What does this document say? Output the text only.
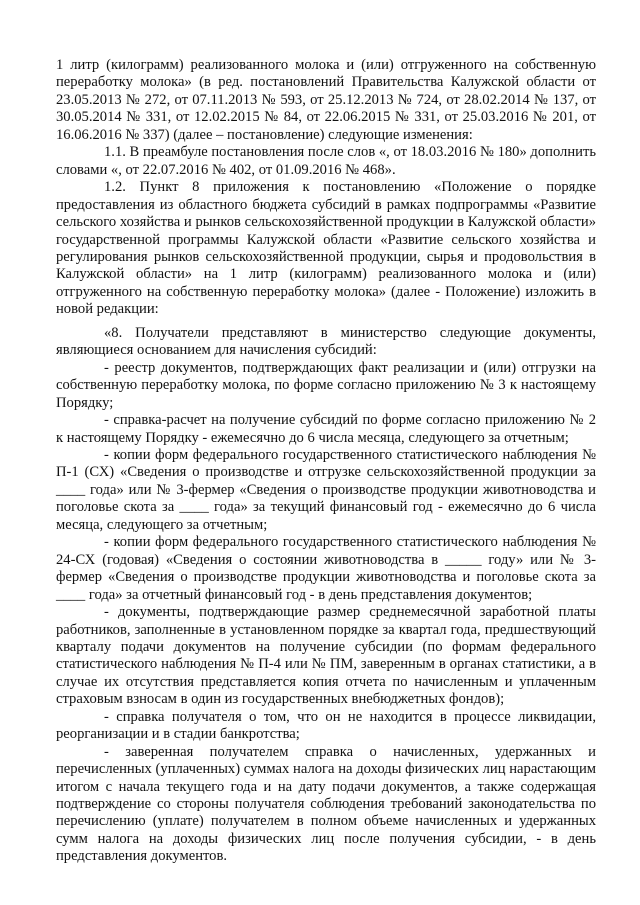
1 литр (килограмм) реализованного молока и (или) отгруженного на собственную переработку молока» (в ред. постановлений Правительства Калужской области от 23.05.2013 № 272, от 07.11.2013 № 593, от 25.12.2013 № 724, от 28.02.2014 № 137, от 30.05.2014 № 331, от 12.02.2015 № 84, от 22.06.2015 № 331, от 25.03.2016 № 201, от 16.06.2016 № 337) (далее – постановление) следующие изменения:

1.1. В преамбуле постановления после слов «, от 18.03.2016 № 180» дополнить словами «, от 22.07.2016 № 402, от 01.09.2016 № 468».

1.2. Пункт 8 приложения к постановлению «Положение о порядке предоставления из областного бюджета субсидий в рамках подпрограммы «Развитие сельского хозяйства и рынков сельскохозяйственной продукции в Калужской области» государственной программы Калужской области «Развитие сельского хозяйства и регулирования рынков сельскохозяйственной продукции, сырья и продовольствия в Калужской области» на 1 литр (килограмм) реализованного молока и (или) отгруженного на собственную переработку молока» (далее - Положение) изложить в новой редакции:

«8. Получатели представляют в министерство следующие документы, являющиеся основанием для начисления субсидий:

- реестр документов, подтверждающих факт реализации и (или) отгрузки на собственную переработку молока, по форме согласно приложению № 3 к настоящему Порядку;

- справка-расчет на получение субсидий по форме согласно приложению № 2 к настоящему Порядку - ежемесячно до 6 числа месяца, следующего за отчетным;

- копии форм федерального государственного статистического наблюдения № П-1 (СХ) «Сведения о производстве и отгрузке сельскохозяйственной продукции за ____ года» или № 3-фермер «Сведения о производстве продукции животноводства и поголовье скота за ____ года» за текущий финансовый год - ежемесячно до 6 числа месяца, следующего за отчетным;

- копии форм федерального государственного статистического наблюдения № 24-СХ (годовая) «Сведения о состоянии животноводства в _____ году» или № 3-фермер «Сведения о производстве продукции животноводства и поголовье скота за ____ года» за отчетный финансовый год - в день представления документов;

- документы, подтверждающие размер среднемесячной заработной платы работников, заполненные в установленном порядке за квартал года, предшествующий кварталу подачи документов на получение субсидии (по формам федерального статистического наблюдения № П-4 или № ПМ, заверенным в органах статистики, а в случае их отсутствия представляется копия отчета по начисленным и уплаченным страховым взносам в один из государственных внебюджетных фондов);

- справка получателя о том, что он не находится в процессе ликвидации, реорганизации и в стадии банкротства;

- заверенная получателем справка о начисленных, удержанных и перечисленных (уплаченных) суммах налога на доходы физических лиц нарастающим итогом с начала текущего года и на дату подачи документов, а также содержащая подтверждение со стороны получателя соблюдения требований законодательства по перечислению (уплате) получателем в полном объеме начисленных и удержанных сумм налога на доходы физических лиц после получения субсидии, - в день представления документов.
